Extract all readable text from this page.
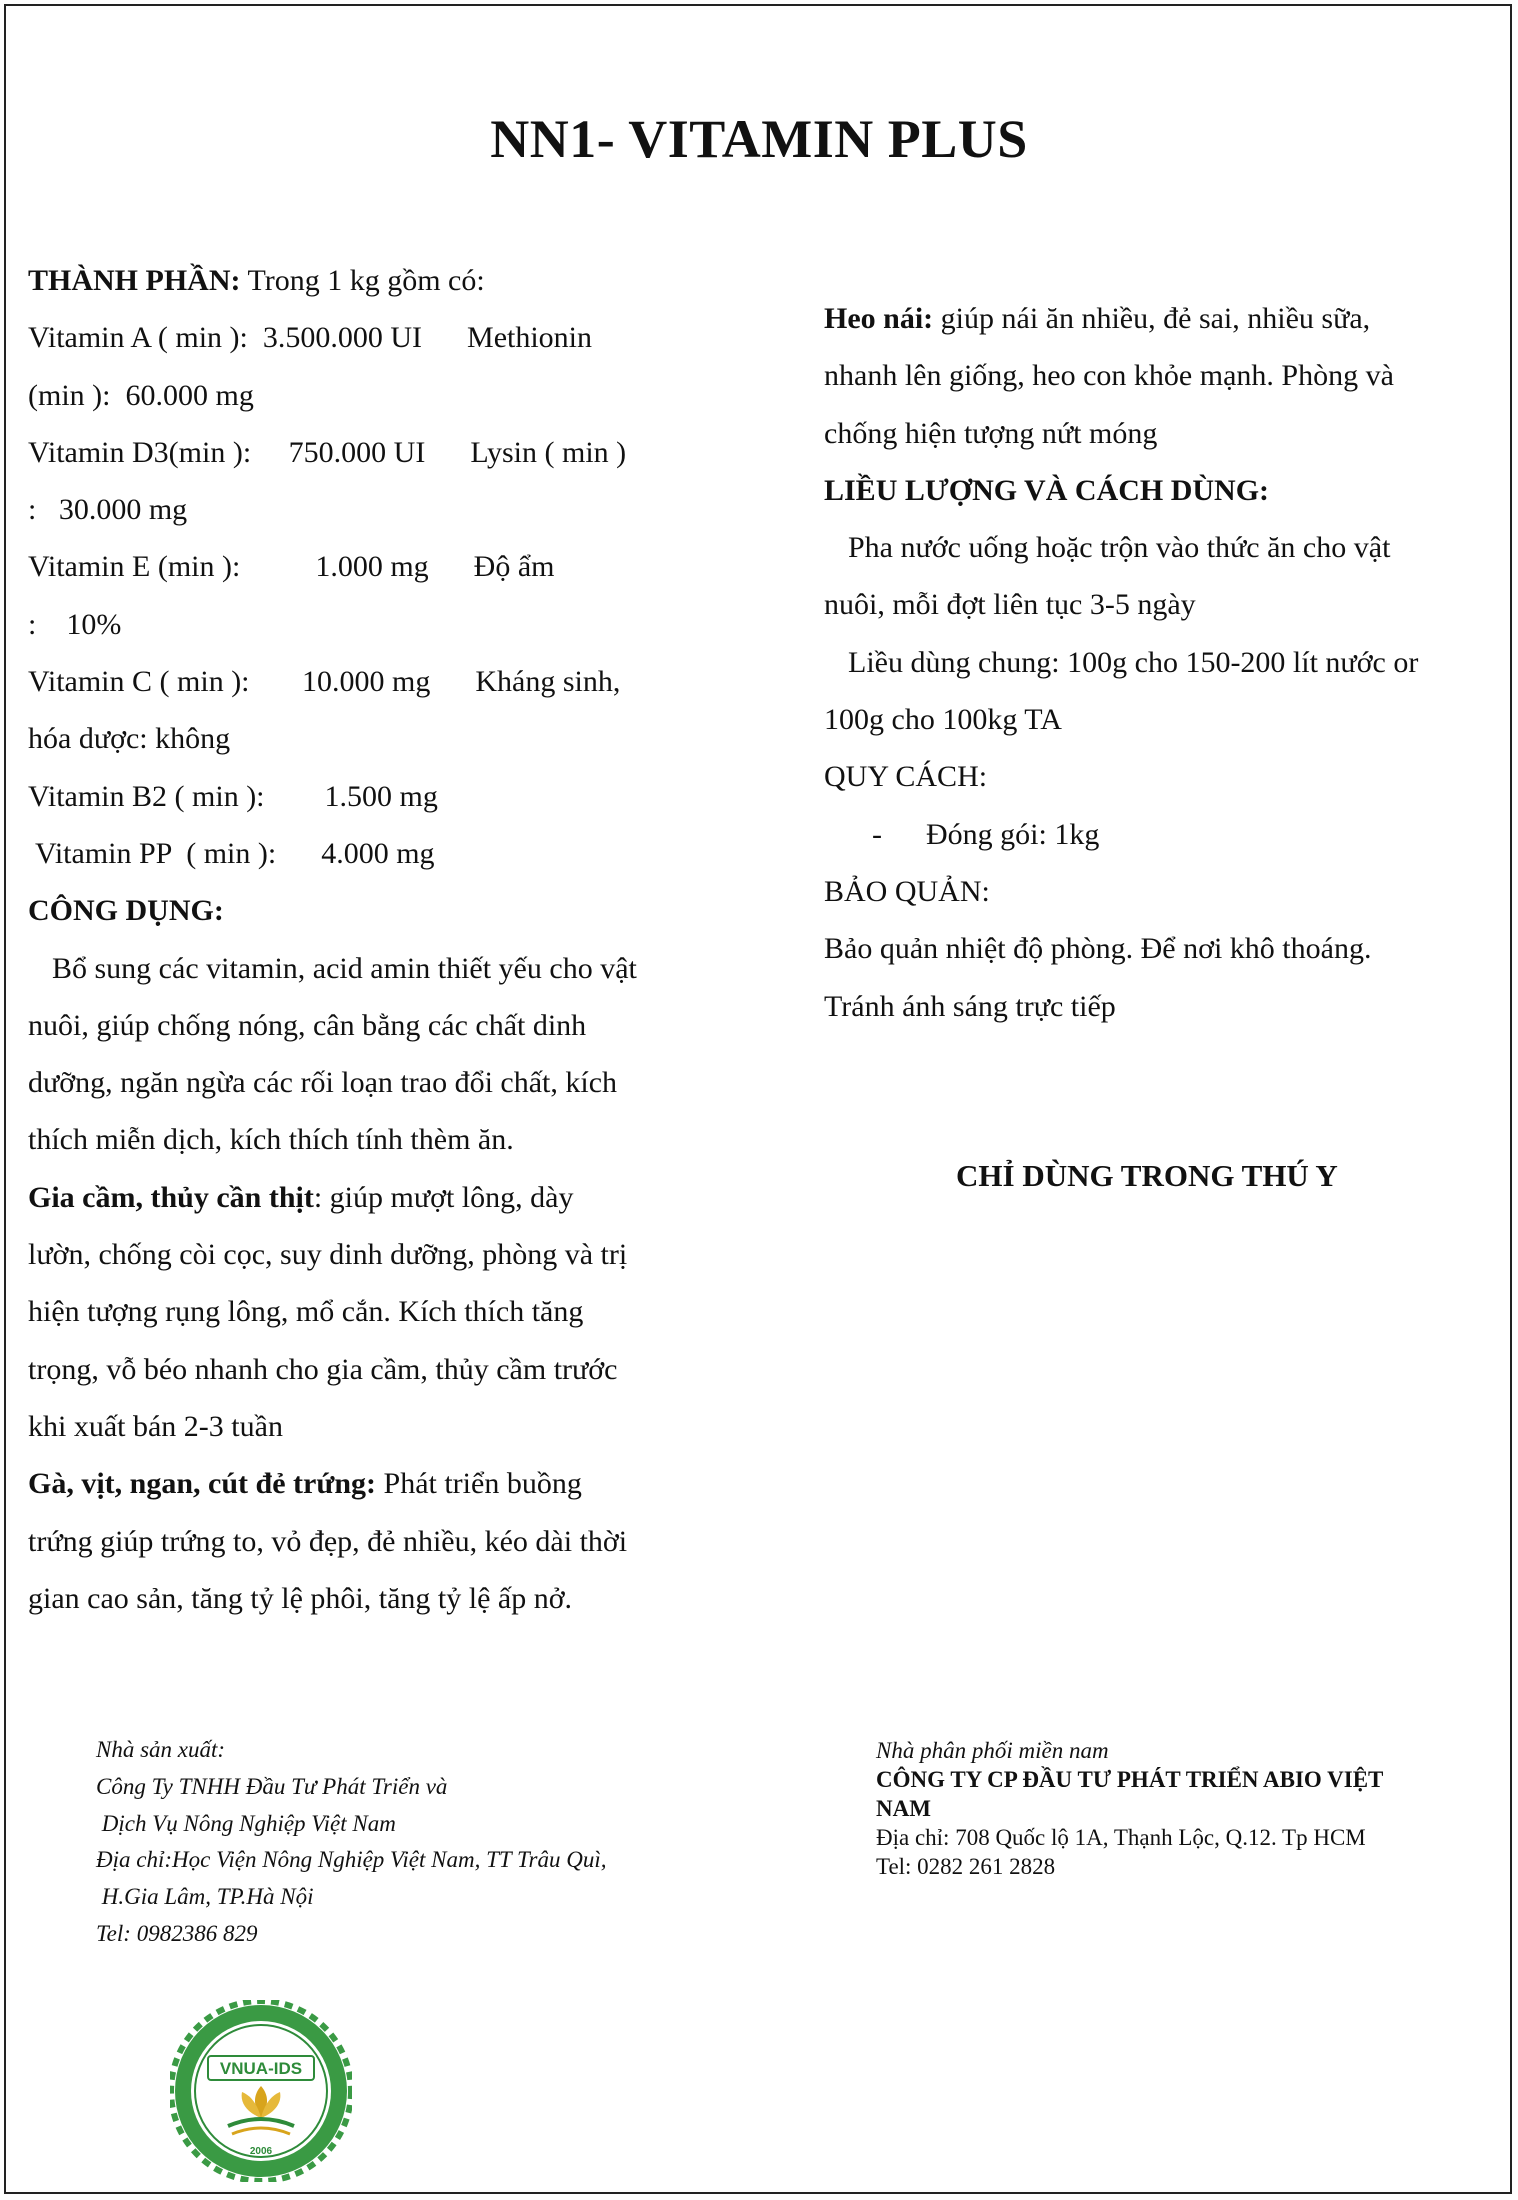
NN1- VITAMIN PLUS
THÀNH PHẦN: Trong 1 kg gồm có:
Vitamin A ( min ):  3.500.000 UI      Methionin
(min ):  60.000 mg
Vitamin D3(min ):     750.000 UI      Lysin ( min )
:   30.000 mg
Vitamin E (min ):          1.000 mg      Độ ẩm
:    10%
Vitamin C ( min ):       10.000 mg      Kháng sinh,
hóa dược: không
Vitamin B2 ( min ):        1.500 mg
Vitamin PP  ( min ):      4.000 mg
CÔNG DỤNG:
Bổ sung các vitamin, acid amin thiết yếu cho vật
nuôi, giúp chống nóng, cân bằng các chất dinh
dưỡng, ngăn ngừa các rối loạn trao đổi chất, kích
thích miễn dịch, kích thích tính thèm ăn.
Gia cầm, thủy cần thịt: giúp mượt lông, dày
lườn, chống còi cọc, suy dinh dưỡng, phòng và trị
hiện tượng rụng lông, mổ cắn. Kích thích tăng
trọng, vỗ béo nhanh cho gia cầm, thủy cầm trước
khi xuất bán 2-3 tuần
Gà, vịt, ngan, cút đẻ trứng: Phát triển buồng
trứng giúp trứng to, vỏ đẹp, đẻ nhiều, kéo dài thời
gian cao sản, tăng tỷ lệ phôi, tăng tỷ lệ ấp nở.
Heo nái: giúp nái ăn nhiều, đẻ sai, nhiều sữa,
nhanh lên giống, heo con khỏe mạnh. Phòng và
chống hiện tượng nứt móng
LIỀU LƯỢNG VÀ CÁCH DÙNG:
Pha nước uống hoặc trộn vào thức ăn cho vật
nuôi, mỗi đợt liên tục 3-5 ngày
Liều dùng chung: 100g cho 150-200 lít nước or
100g cho 100kg TA
QUY CÁCH:
- Đóng gói: 1kg
BẢO QUẢN:
Bảo quản nhiệt độ phòng. Để nơi khô thoáng.
Tránh ánh sáng trực tiếp
CHỈ DÙNG TRONG THÚ Y
Nhà sản xuất:
Công Ty TNHH Đầu Tư Phát Triển và
Dịch Vụ Nông Nghiệp Việt Nam
Địa chỉ:Học Viện Nông Nghiệp Việt Nam, TT Trâu Quì,
H.Gia Lâm, TP.Hà Nội
Tel: 0982386 829
Nhà phân phối miền nam
CÔNG TY CP ĐẦU TƯ PHÁT TRIỂN ABIO VIỆT
NAM
Địa chỉ: 708 Quốc lộ 1A, Thạnh Lộc, Q.12. Tp HCM
Tel: 0282 261 2828
VNUA-IDS
2006
